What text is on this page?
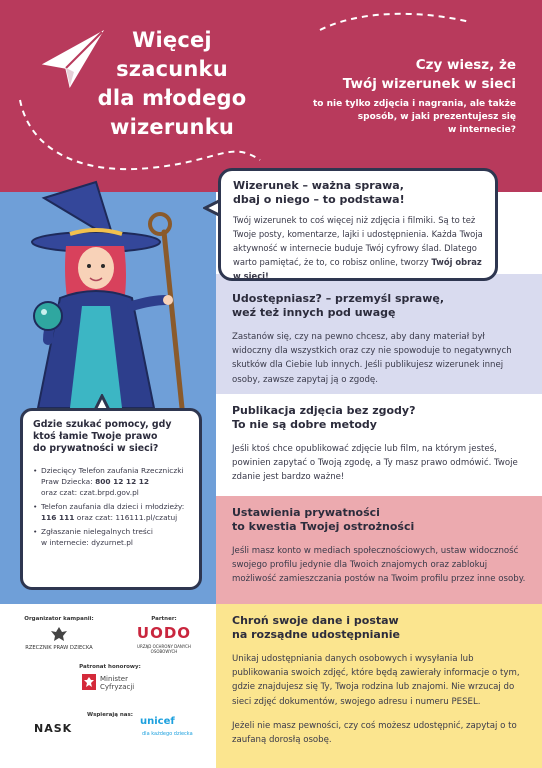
Więcej
szacunku
dla młodego
wizerunku
Czy wiesz, że
Twój wizerunek w sieci
to nie tylko zdjęcia i nagrania, ale także
sposób, w jaki prezentujesz się
w internecie?
Udostępniasz? – przemyśl sprawę,
weź też innych pod uwagę

Zastanów się, czy na pewno chcesz, aby dany materiał był widoczny dla wszystkich oraz czy nie spowoduje to negatywnych skutków dla Ciebie lub innych. Jeśli publikujesz wizerunek innej osoby, zawsze zapytaj ją o zgodę.

Publikacja zdjęcia bez zgody?
To nie są dobre metody

Jeśli ktoś chce opublikować zdjęcie lub film, na którym jesteś, powinien zapytać o Twoją zgodę, a Ty masz prawo odmówić. Twoje zdanie jest bardzo ważne!

Ustawienia prywatności
to kwestia Twojej ostrożności

Jeśli masz konto w mediach społecznościowych, ustaw widoczność swojego profilu jedynie dla Twoich znajomych oraz zablokuj możliwość zamieszczania postów na Twoim profilu przez inne osoby.

Chroń swoje dane i postaw
na rozsądne udostępnianie

Unikaj udostępniania danych osobowych i wysyłania lub publikowania swoich zdjęć, które będą zawierały informacje o tym, gdzie znajdujesz się Ty, Twoja rodzina lub znajomi. Nie wrzucaj do sieci zdjęć dokumentów, swojego adresu i numeru PESEL.

Jeżeli nie masz pewności, czy coś możesz udostępnić, zapytaj o to zaufaną dorosłą osobę.

Wizerunek – ważna sprawa,
dbaj o niego – to podstawa!

Twój wizerunek to coś więcej niż zdjęcia i filmiki. Są to też Twoje posty, komentarze, lajki i udostępnienia. Każda Twoja aktywność w internecie buduje Twój cyfrowy ślad. Dlatego warto pamiętać, że to, co robisz online, tworzy Twój obraz w sieci!

Gdzie szukać pomocy, gdy
ktoś łamie Twoje prawo
do prywatności w sieci?
• Dziecięcy Telefon zaufania Rzeczniczki
Praw Dziecka: 800 12 12 12
oraz czat: czat.brpd.gov.pl
• Telefon zaufania dla dzieci i młodzieży:
116 111 oraz czat: 116111.pl/czatuj
• Zgłaszanie nielegalnych treści
w internecie: dyzurnet.pl
Organizator kampanii:
RZECZNIK PRAW DZIECKA
Partner:
UODO
URZĄD OCHRONY DANYCH OSOBOWYCH
Patronat honorowy:
Minister
Cyfryzacji
Wspierają nas:
NASK
unicef
dla każdego dziecka
